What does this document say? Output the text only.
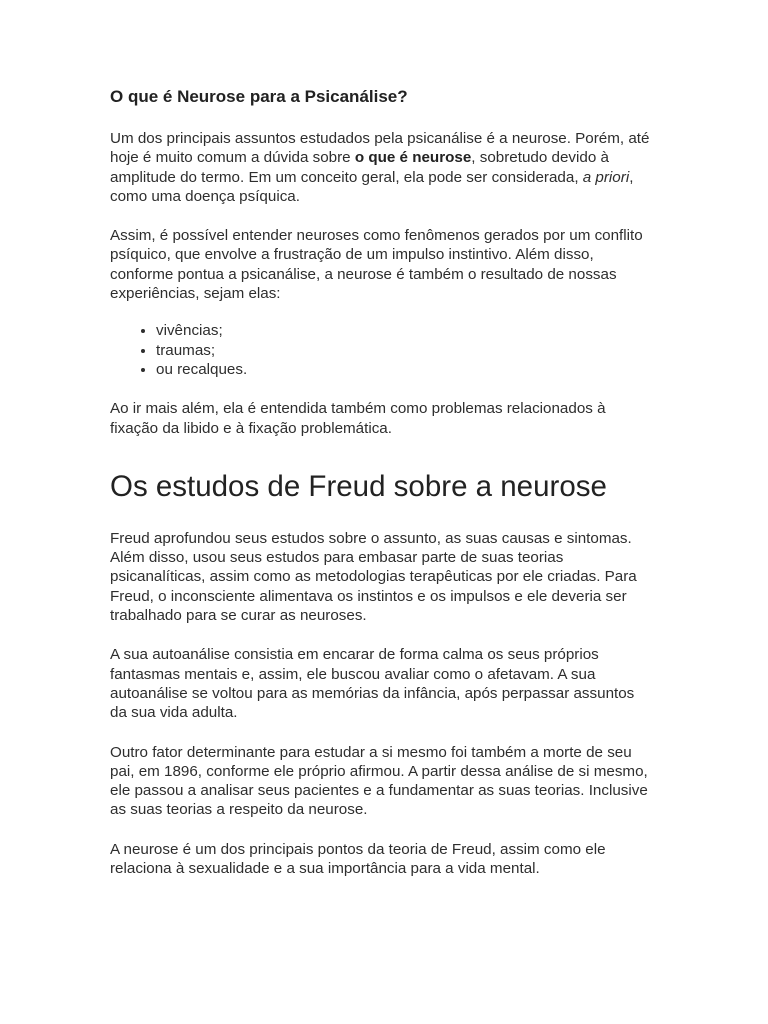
O que é Neurose para a Psicanálise?

Um dos principais assuntos estudados pela psicanálise é a neurose. Porém, até hoje é muito comum a dúvida sobre o que é neurose, sobretudo devido à amplitude do termo. Em um conceito geral, ela pode ser considerada, a priori, como uma doença psíquica.

Assim, é possível entender neuroses como fenômenos gerados por um conflito psíquico, que envolve a frustração de um impulso instintivo. Além disso, conforme pontua a psicanálise, a neurose é também o resultado de nossas experiências, sejam elas:

• vivências;
• traumas;
• ou recalques.

Ao ir mais além, ela é entendida também como problemas relacionados à fixação da libido e à fixação problemática.

Os estudos de Freud sobre a neurose

Freud aprofundou seus estudos sobre o assunto, as suas causas e sintomas. Além disso, usou seus estudos para embasar parte de suas teorias psicanalíticas, assim como as metodologias terapêuticas por ele criadas. Para Freud, o inconsciente alimentava os instintos e os impulsos e ele deveria ser trabalhado para se curar as neuroses.

A sua autoanálise consistia em encarar de forma calma os seus próprios fantasmas mentais e, assim, ele buscou avaliar como o afetavam. A sua autoanálise se voltou para as memórias da infância, após perpassar assuntos da sua vida adulta.

Outro fator determinante para estudar a si mesmo foi também a morte de seu pai, em 1896, conforme ele próprio afirmou. A partir dessa análise de si mesmo, ele passou a analisar seus pacientes e a fundamentar as suas teorias. Inclusive as suas teorias a respeito da neurose.

A neurose é um dos principais pontos da teoria de Freud, assim como ele relaciona à sexualidade e a sua importância para a vida mental.
